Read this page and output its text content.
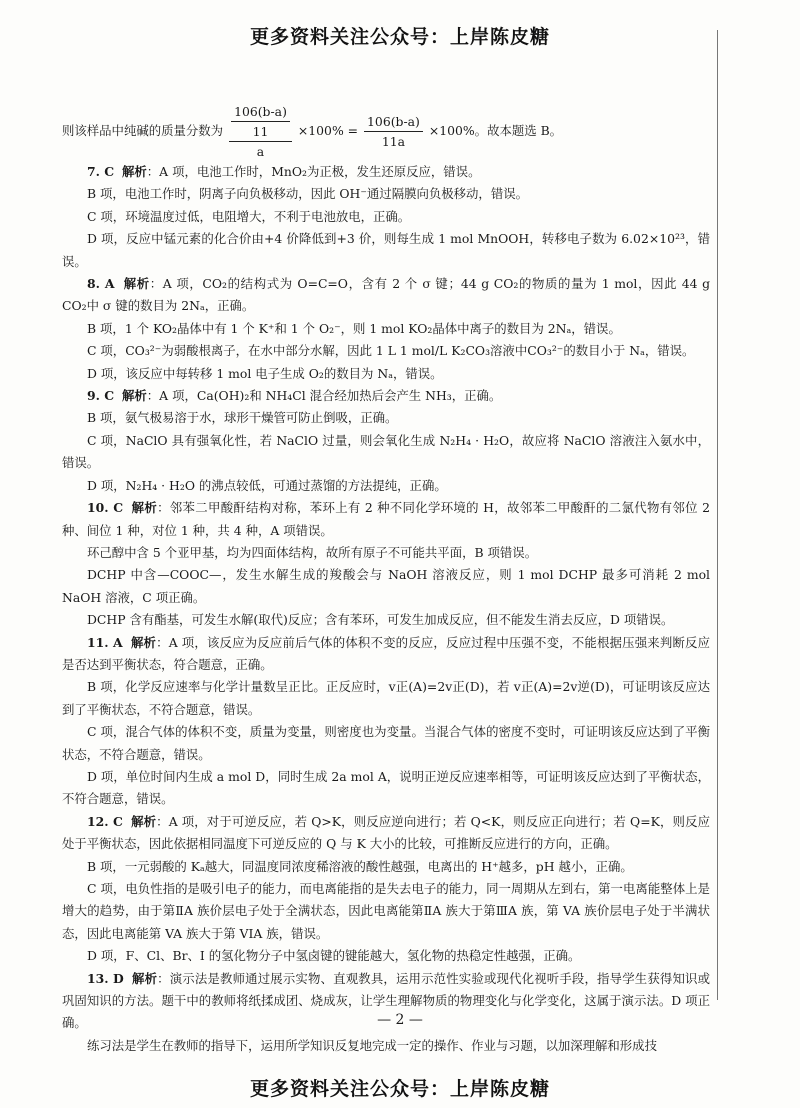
更多资料关注公众号：上岸陈皮糖
则该样品中纯碱的质量分数为 $\frac{\frac{106(b-a)}{11}}{a} \times 100\% = \frac{106(b-a)}{11a} \times 100\%$。故本题选 B。

7. C 解析：A 项，电池工作时，MnO₂为正极，发生还原反应，错误。

B 项，电池工作时，阴离子向负极移动，因此 OH⁻通过隔膜向负极移动，错误。

C 项，环境温度过低，电阻增大，不利于电池放电，正确。

D 项，反应中锰元素的化合价由+4 价降低到+3 价，则每生成 1 mol MnOOH，转移电子数为 6.02×10²³，错误。

8. A 解析：A 项，CO₂的结构式为 O=C=O，含有 2 个 σ 键；44 g CO₂的物质的量为 1 mol，因此 44 g CO₂中 σ 键的数目为 2Nₐ，正确。

B 项，1 个 KO₂晶体中有 1 个 K⁺和 1 个 O₂⁻，则 1 mol KO₂晶体中离子的数目为 2Nₐ，错误。

C 项，CO₃²⁻为弱酸根离子，在水中部分水解，因此 1 L 1 mol/L K₂CO₃溶液中CO₃²⁻的数目小于 Nₐ，错误。

D 项，该反应中每转移 1 mol 电子生成 O₂的数目为 Nₐ，错误。

9. C 解析：A 项，Ca(OH)₂和 NH₄Cl 混合经加热后会产生 NH₃，正确。

B 项，氨气极易溶于水，球形干燥管可防止倒吸，正确。

C 项，NaClO 具有强氧化性，若 NaClO 过量，则会氧化生成 N₂H₄ · H₂O，故应将 NaClO 溶液注入氨水中，错误。

D 项，N₂H₄ · H₂O 的沸点较低，可通过蒸馏的方法提纯，正确。

10. C 解析：邻苯二甲酸酐结构对称，苯环上有 2 种不同化学环境的 H，故邻苯二甲酸酐的二氯代物有邻位 2 种、间位 1 种，对位 1 种，共 4 种，A 项错误。

环己醇中含 5 个亚甲基，均为四面体结构，故所有原子不可能共平面，B 项错误。

DCHP 中含—COOC—，发生水解生成的羧酸会与 NaOH 溶液反应，则 1 mol DCHP 最多可消耗 2 mol NaOH 溶液，C 项正确。

DCHP 含有酯基，可发生水解(取代)反应；含有苯环，可发生加成反应，但不能发生消去反应，D 项错误。

11. A 解析：A 项，该反应为反应前后气体的体积不变的反应，反应过程中压强不变，不能根据压强来判断反应是否达到平衡状态，符合题意，正确。

B 项，化学反应速率与化学计量数呈正比。正反应时，v正(A)=2v正(D)，若 v正(A)=2v逆(D)，可证明该反应达到了平衡状态，不符合题意，错误。

C 项，混合气体的体积不变，质量为变量，则密度也为变量。当混合气体的密度不变时，可证明该反应达到了平衡状态，不符合题意，错误。

D 项，单位时间内生成 a mol D，同时生成 2a mol A，说明正逆反应速率相等，可证明该反应达到了平衡状态，不符合题意，错误。

12. C 解析：A 项，对于可逆反应，若 Q>K，则反应逆向进行；若 Q<K，则反应正向进行；若 Q=K，则反应处于平衡状态，因此依据相同温度下可逆反应的 Q 与 K 大小的比较，可推断反应进行的方向，正确。

B 项，一元弱酸的 Kₐ越大，同温度同浓度稀溶液的酸性越强，电离出的 H⁺越多，pH 越小，正确。

C 项，电负性指的是吸引电子的能力，而电离能指的是失去电子的能力，同一周期从左到右，第一电离能整体上是增大的趋势，由于第ⅡA 族价层电子处于全满状态，因此电离能第ⅡA 族大于第ⅢA 族，第 VA 族价层电子处于半满状态，因此电离能第 VA 族大于第 VIA 族，错误。

D 项，F、Cl、Br、I 的氢化物分子中氢卤键的键能越大，氢化物的热稳定性越强，正确。

13. D 解析：演示法是教师通过展示实物、直观教具，运用示范性实验或现代化视听手段，指导学生获得知识或巩固知识的方法。题干中的教师将纸揉成团、烧成灰，让学生理解物质的物理变化与化学变化，这属于演示法。D 项正确。

练习法是学生在教师的指导下，运用所学知识反复地完成一定的操作、作业与习题，以加深理解和形成技

— 2 —
更多资料关注公众号：上岸陈皮糖
